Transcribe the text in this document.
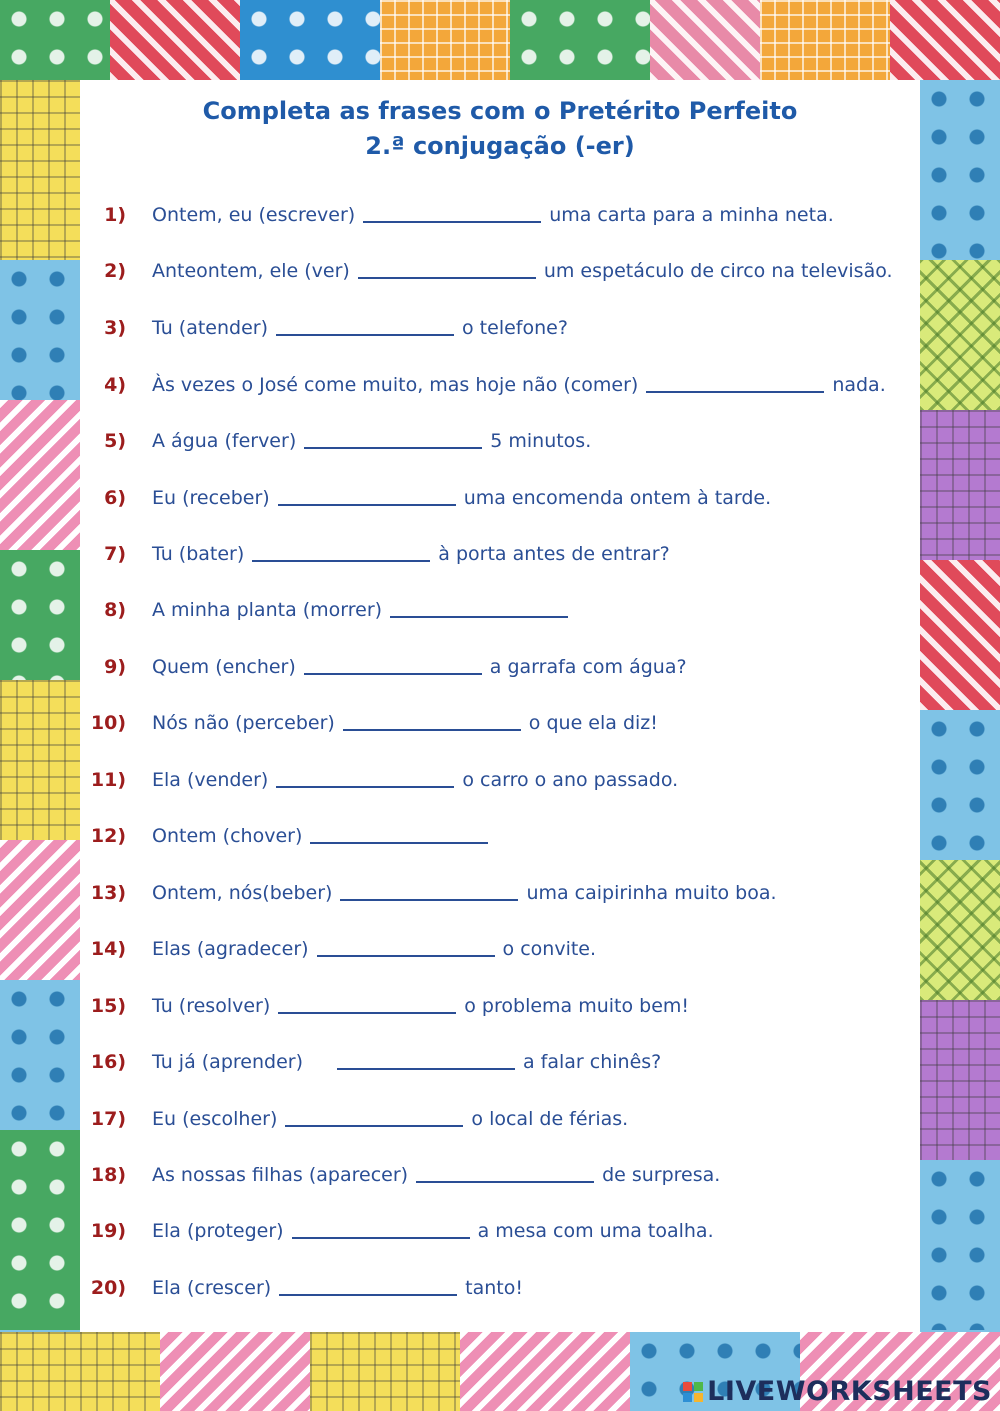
Completa as frases com o Pretérito Perfeito
2.ª conjugação (-er)
1) Ontem, eu (escrever)	uma carta para a minha neta.
2) Anteontem, ele (ver)	um espetáculo de circo na televisão.
3) Tu (atender)	o telefone?
4) Às vezes o José come muito, mas hoje não (comer)	nada.
5) A água (ferver)	5 minutos.
6) Eu (receber)	uma encomenda ontem à tarde.
7) Tu (bater)	à porta antes de entrar?
8) A minha planta (morrer)
9) Quem (encher)	a garrafa com água?
10) Nós não (perceber)	o que ela diz!
11) Ela (vender)	o carro o ano passado.
12) Ontem (chover)
13) Ontem, nós(beber)	uma caipirinha muito boa.
14) Elas (agradecer)	o convite.
15) Tu (resolver)	o problema muito bem!
16) Tu já (aprender)	a falar chinês?
17) Eu (escolher)	o local de férias.
18) As nossas filhas (aparecer)	de surpresa.
19) Ela (proteger)	a mesa com uma toalha.
20) Ela (crescer)	tanto!
LIVEWORKSHEETS
